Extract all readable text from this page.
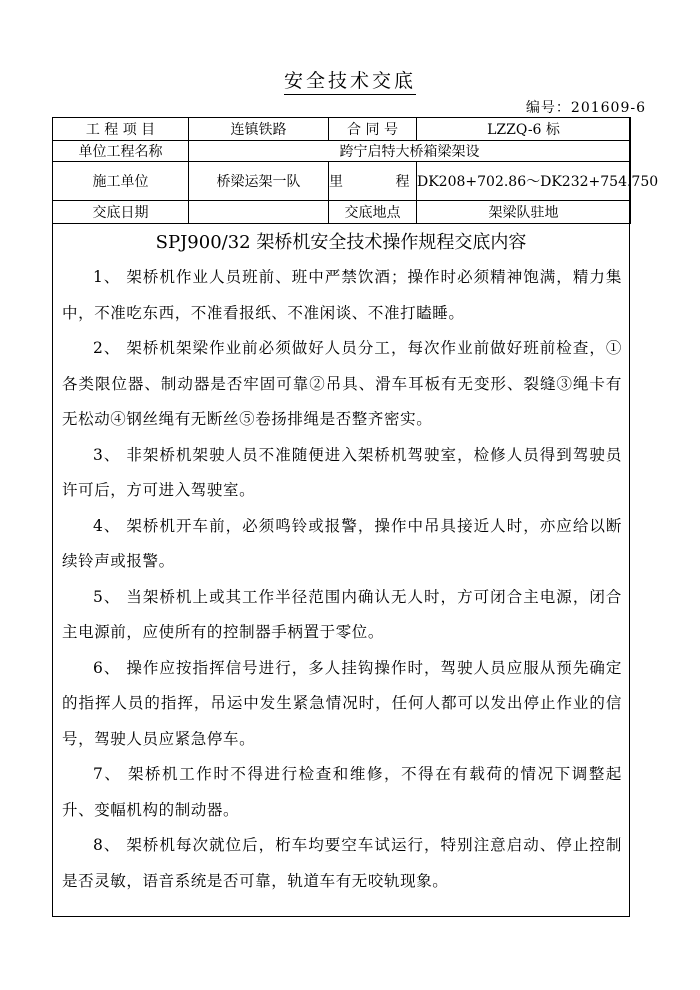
安全技术交底
编号：201609-6
工 程 项 目	连镇铁路	合 同 号	LZZQ-6 标
单位工程名称	跨宁启特大桥箱梁架设		
施工单位	桥梁运架一队	里 程	DK208+702.86～DK232+754.750
交底日期		交底地点	架梁队驻地
SPJ900/32 架桥机安全技术操作规程交底内容

1、 架桥机作业人员班前、班中严禁饮酒；操作时必须精神饱满，精力集中，不准吃东西，不准看报纸、不准闲谈、不准打瞌睡。

2、 架桥机架梁作业前必须做好人员分工，每次作业前做好班前检查，①各类限位器、制动器是否牢固可靠②吊具、滑车耳板有无变形、裂缝③绳卡有无松动④钢丝绳有无断丝⑤卷扬排绳是否整齐密实。

3、 非架桥机架驶人员不准随便进入架桥机驾驶室，检修人员得到驾驶员许可后，方可进入驾驶室。

4、 架桥机开车前，必须鸣铃或报警，操作中吊具接近人时，亦应给以断续铃声或报警。

5、 当架桥机上或其工作半径范围内确认无人时，方可闭合主电源，闭合主电源前，应使所有的控制器手柄置于零位。

6、 操作应按指挥信号进行，多人挂钩操作时，驾驶人员应服从预先确定的指挥人员的指挥，吊运中发生紧急情况时，任何人都可以发出停止作业的信号，驾驶人员应紧急停车。

7、 架桥机工作时不得进行检查和维修，不得在有载荷的情况下调整起升、变幅机构的制动器。

8、 架桥机每次就位后，桁车均要空车试运行，特别注意启动、停止控制是否灵敏，语音系统是否可靠，轨道车有无咬轨现象。
